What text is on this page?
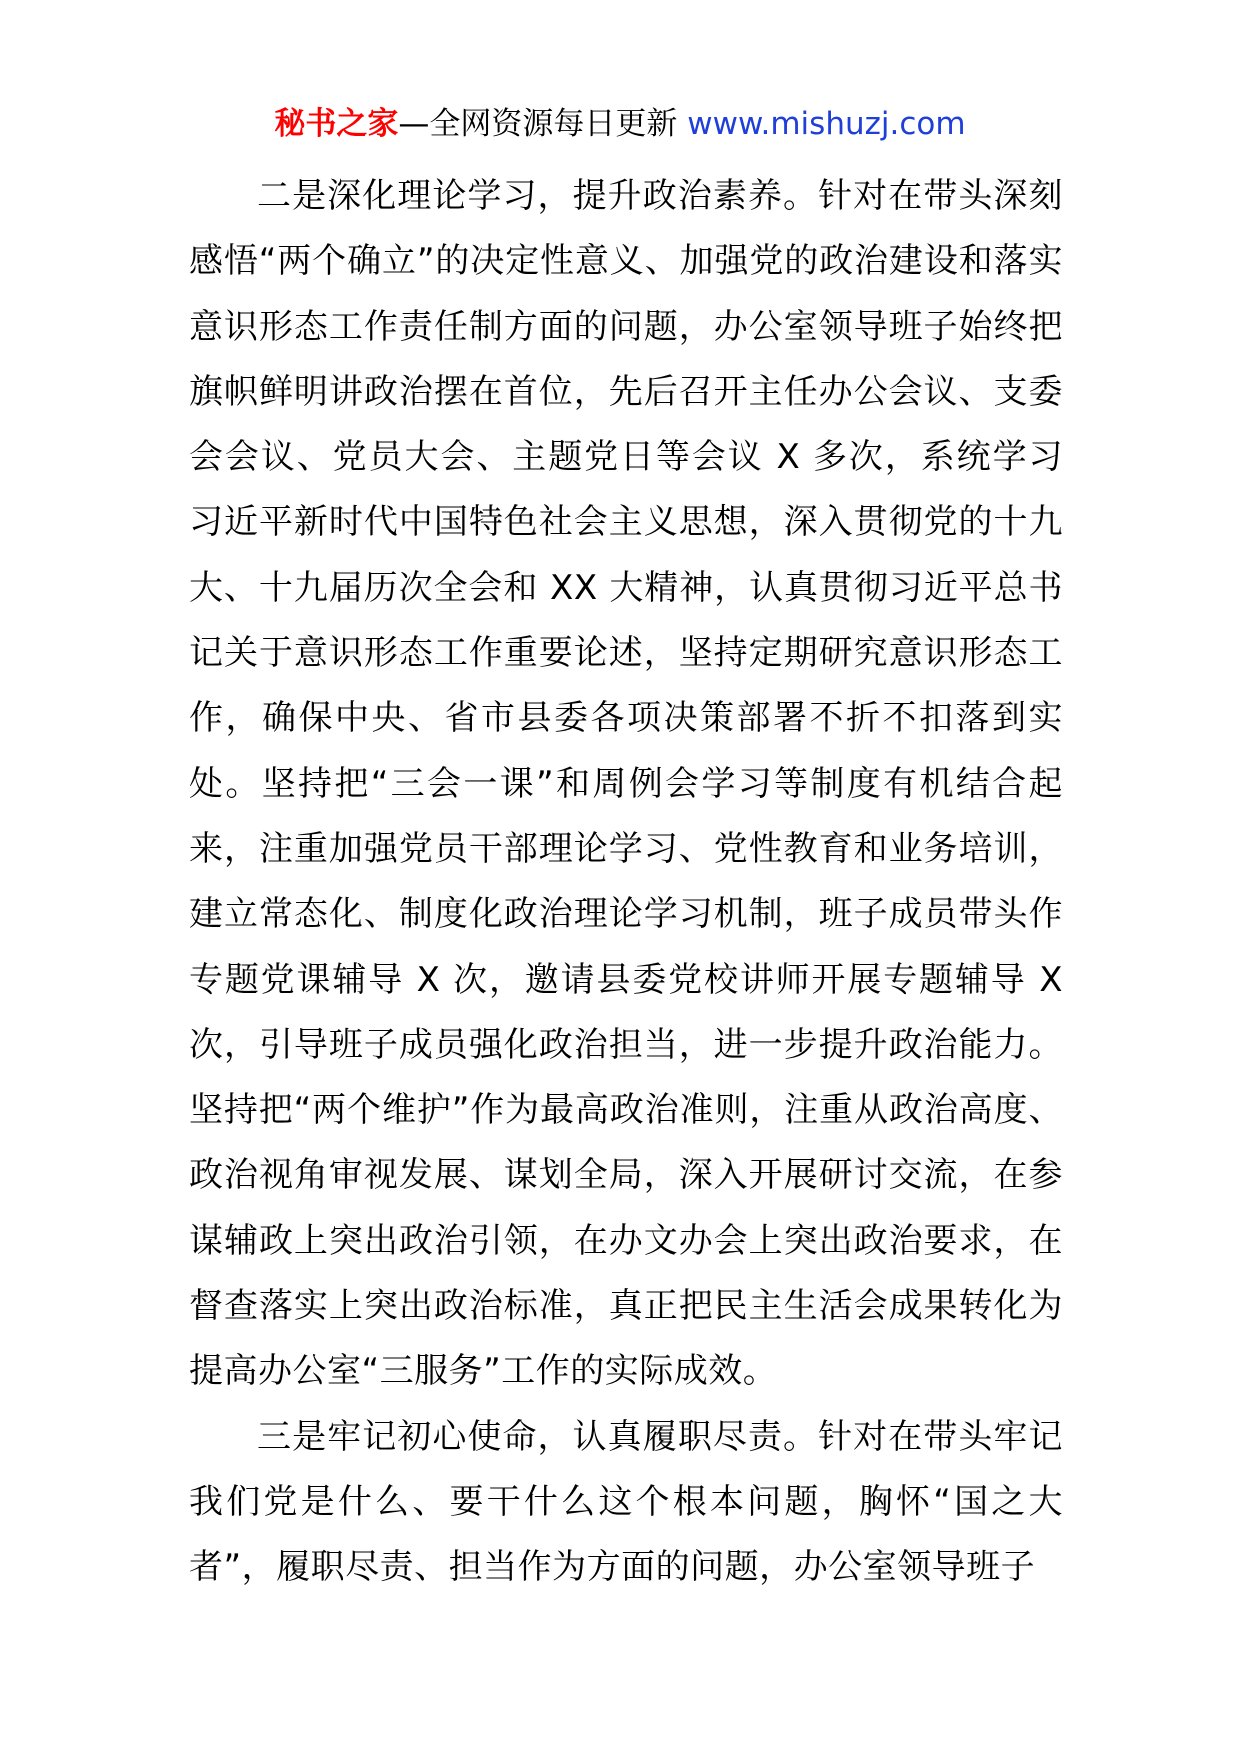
秘书之家—全网资源每日更新 www.mishuzj.com

二是深化理论学习，提升政治素养。针对在带头深刻感悟“两个确立”的决定性意义、加强党的政治建设和落实意识形态工作责任制方面的问题，办公室领导班子始终把旗帜鲜明讲政治摆在首位，先后召开主任办公会议、支委会会议、党员大会、主题党日等会议 X 多次，系统学习习近平新时代中国特色社会主义思想，深入贯彻党的十九大、十九届历次全会和 XX 大精神，认真贯彻习近平总书记关于意识形态工作重要论述，坚持定期研究意识形态工作，确保中央、省市县委各项决策部署不折不扣落到实处。坚持把“三会一课”和周例会学习等制度有机结合起来，注重加强党员干部理论学习、党性教育和业务培训，建立常态化、制度化政治理论学习机制，班子成员带头作专题党课辅导 X 次，邀请县委党校讲师开展专题辅导 X 次，引导班子成员强化政治担当，进一步提升政治能力。坚持把“两个维护”作为最高政治准则，注重从政治高度、政治视角审视发展、谋划全局，深入开展研讨交流，在参谋辅政上突出政治引领，在办文办会上突出政治要求，在督查落实上突出政治标准，真正把民主生活会成果转化为提高办公室“三服务”工作的实际成效。

三是牢记初心使命，认真履职尽责。针对在带头牢记我们党是什么、要干什么这个根本问题，胸怀“国之大者”，履职尽责、担当作为方面的问题，办公室领导班子
